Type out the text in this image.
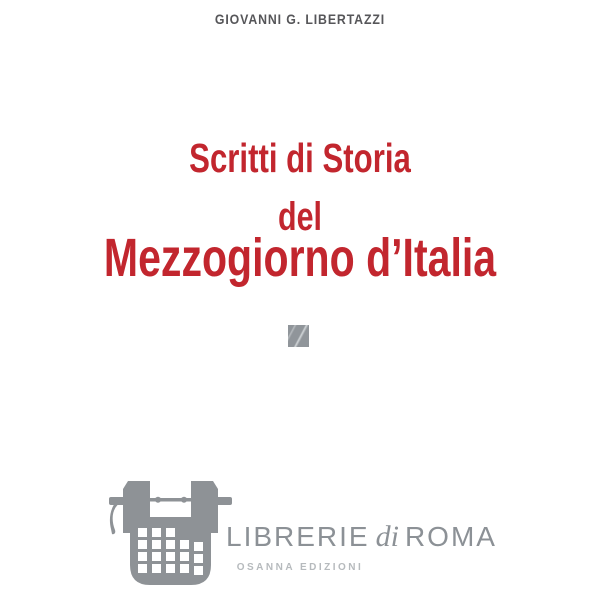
GIOVANNI G. LIBERTAZZI
Scritti di Storia
del
Mezzogiorno d’Italia
LIBRERIE di ROMA
OSANNA EDIZIONI
